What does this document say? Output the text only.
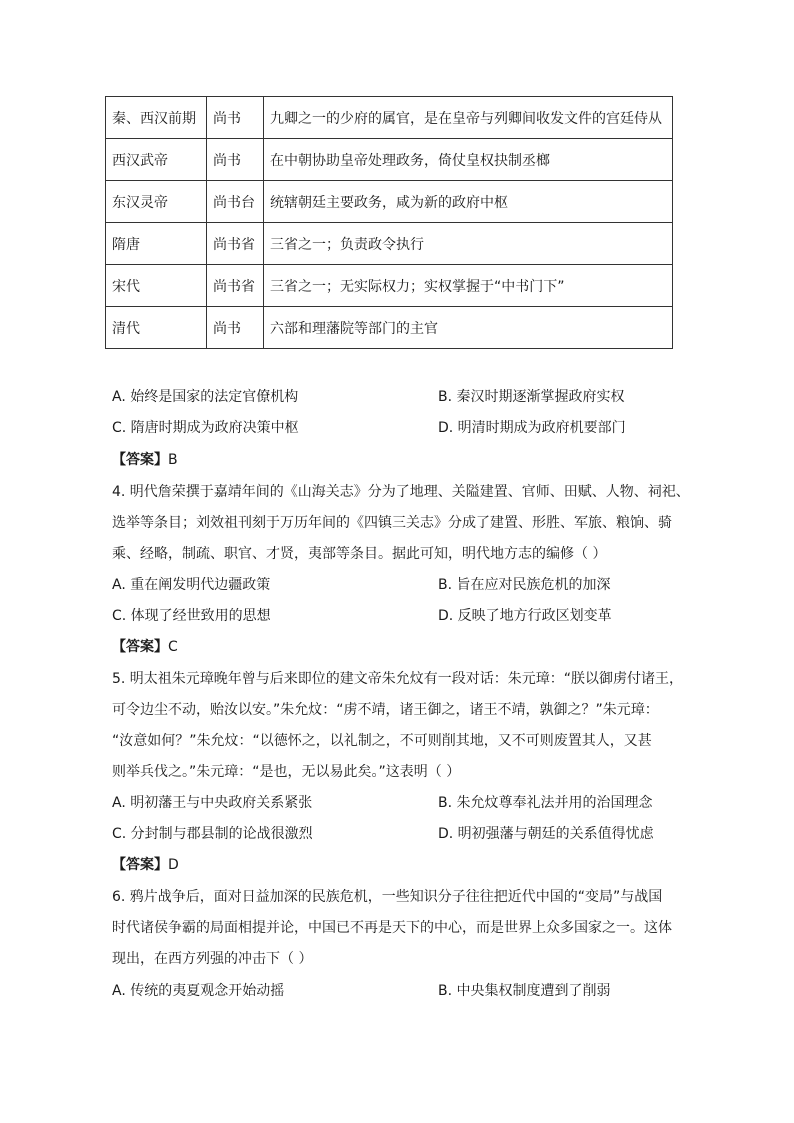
秦、西汉前期	尚书	九卿之一的少府的属官，是在皇帝与列卿间收发文件的宫廷侍从
西汉武帝	尚书	在中朝协助皇帝处理政务，倚仗皇权抉制丞榔
东汉灵帝	尚书台	统辖朝廷主要政务，咸为新的政府中枢
隋唐	尚书省	三省之一；负责政令执行
宋代	尚书省	三省之一；无实际权力；实权掌握于“中书门下”
清代	尚书	六部和理藩院等部门的主官
A. 始终是国家的法定官僚机构	B. 秦汉时期逐渐掌握政府实权
C. 隋唐时期成为政府决策中枢	D. 明清时期成为政府机要部门
【答案】B
4. 明代詹荣撰于嘉靖年间的《山海关志》分为了地理、关隘建置、官师、田赋、人物、祠祀、
选举等条目；刘效祖刊刻于万历年间的《四镇三关志》分成了建置、形胜、军旅、粮饷、骑
乘、经略，制疏、职官、才贤，夷部等条目。据此可知，明代地方志的编修（ ）
A. 重在阐发明代边疆政策	B. 旨在应对民族危机的加深
C. 体现了经世致用的思想	D. 反映了地方行政区划变革
【答案】C
5. 明太祖朱元璋晚年曾与后来即位的建文帝朱允炆有一段对话：朱元璋：“朕以御虏付诸王，
可令边尘不动，贻汝以安。”朱允炆：“虏不靖，诸王御之，诸王不靖，孰御之？”朱元璋：
“汝意如何？”朱允炆：“以德怀之，以礼制之，不可则削其地，又不可则废置其人，又甚
则举兵伐之。”朱元璋：“是也，无以易此矣。”这表明（ ）
A. 明初藩王与中央政府关系紧张	B. 朱允炆尊奉礼法并用的治国理念
C. 分封制与郡县制的论战很激烈	D. 明初强藩与朝廷的关系值得忧虑
【答案】D
6. 鸦片战争后，面对日益加深的民族危机，一些知识分子往往把近代中国的“变局”与战国
时代诸侯争霸的局面相提并论，中国已不再是天下的中心，而是世界上众多国家之一。这体
现出，在西方列强的冲击下（ ）
A. 传统的夷夏观念开始动摇	B. 中央集权制度遭到了削弱
